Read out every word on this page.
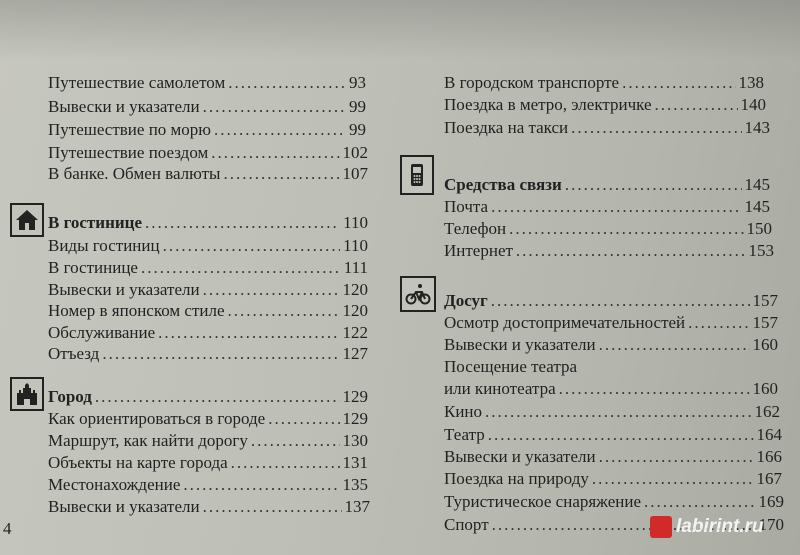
Путешествие самолетом .....	93
Вывески и указатели .....	99
Путешествие по морю .....	99
Путешествие поездом .....	102
В банке. Обмен валюты .....	107
В гостинице .....	110
Виды гостиниц .....	110
В гостинице .....	111
Вывески и указатели .....	120
Номер в японском стиле .....	120
Обслуживание .....	122
Отъезд .....	127
Город .....	129
Как ориентироваться в городе .....	129
Маршрут, как найти дорогу .....	130
Объекты на карте города .....	131
Местонахождение .....	135
Вывески и указатели .....	137
В городском транспорте .....	138
Поездка в метро, электричке .....	140
Поездка на такси .....	143
Средства связи .....	145
Почта .....	145
Телефон .....	150
Интернет .....	153
Досуг .....	157
Осмотр достопримечательностей .....	157
Вывески и указатели .....	160
Посещение театра
или кинотеатра .....	160
Кино .....	162
Театр .....	164
Вывески и указатели .....	166
Поездка на природу .....	167
Туристическое снаряжение .....	169
Спорт .....	170
4	labirint.ru
